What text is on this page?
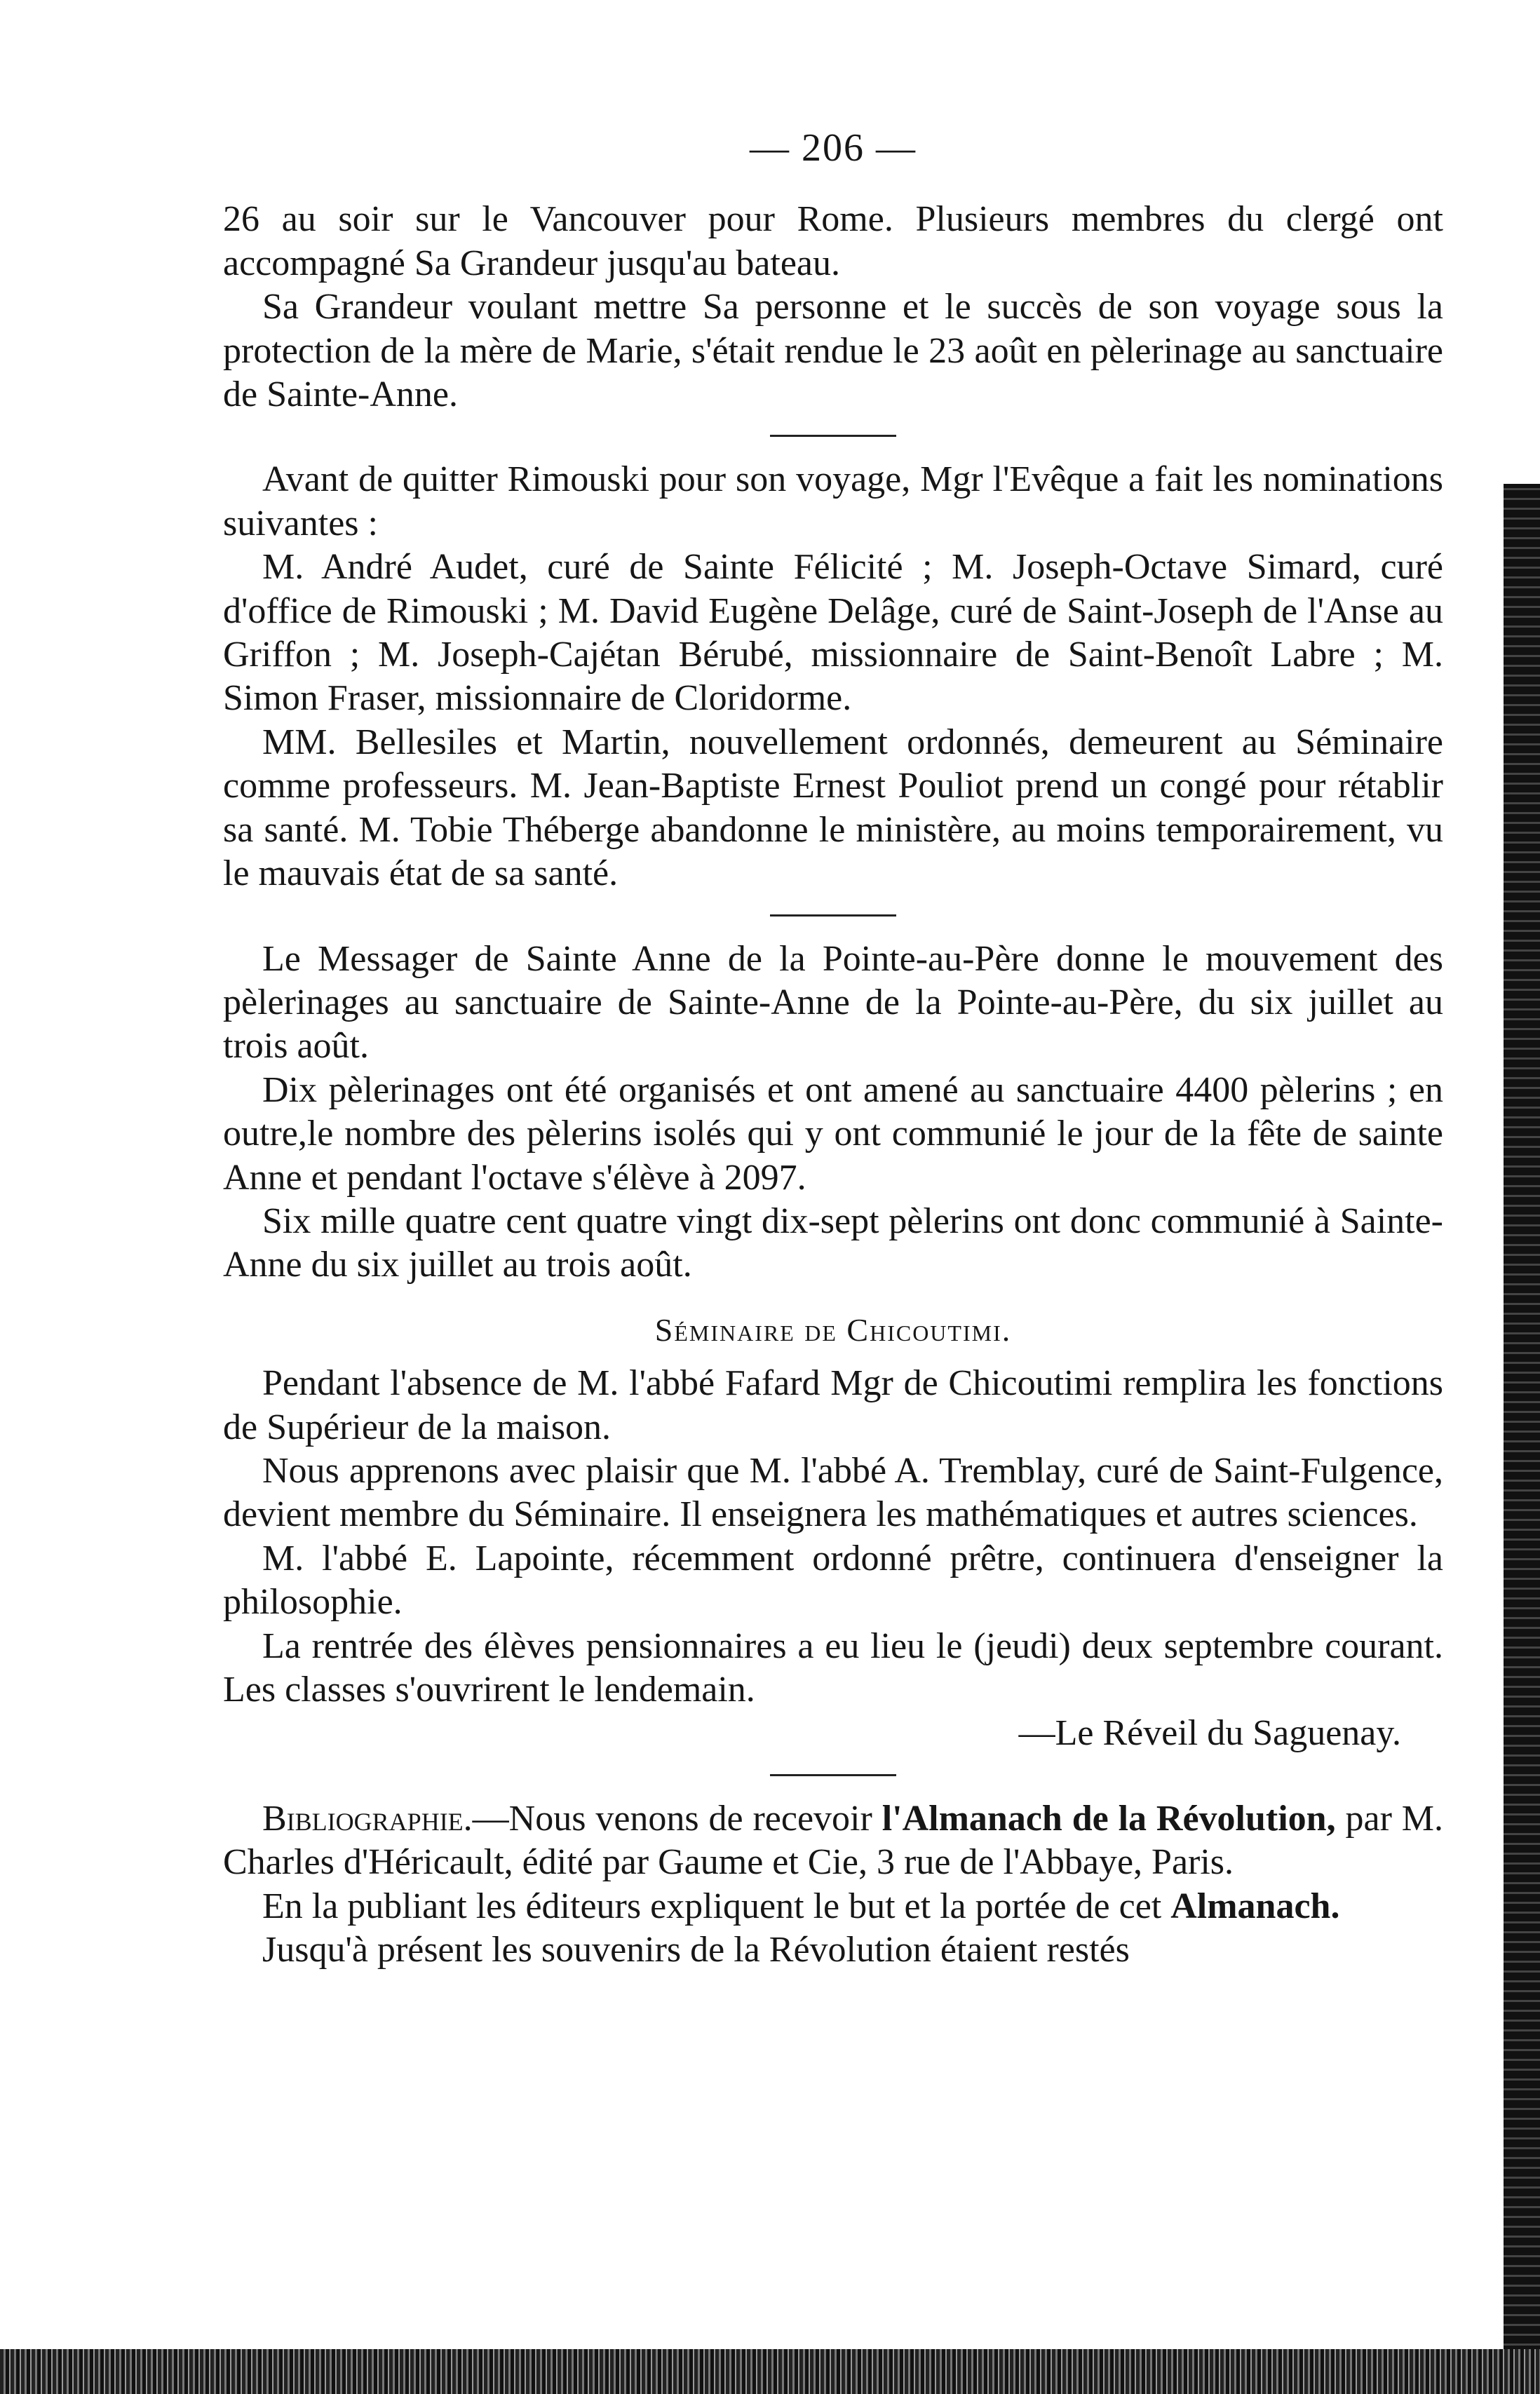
— 206 —

26 au soir sur le Vancouver pour Rome. Plusieurs membres du clergé ont accompagné Sa Grandeur jusqu'au bateau.

Sa Grandeur voulant mettre Sa personne et le succès de son voyage sous la protection de la mère de Marie, s'était rendue le 23 août en pèlerinage au sanctuaire de Sainte-Anne.

Avant de quitter Rimouski pour son voyage, Mgr l'Evêque a fait les nominations suivantes :

M. André Audet, curé de Sainte Félicité ; M. Joseph-Octave Simard, curé d'office de Rimouski ; M. David Eugène Delâge, curé de Saint-Joseph de l'Anse au Griffon ; M. Joseph-Cajétan Bérubé, missionnaire de Saint-Benoît Labre ; M. Simon Fraser, missionnaire de Cloridorme.

MM. Bellesiles et Martin, nouvellement ordonnés, demeurent au Séminaire comme professeurs. M. Jean-Baptiste Ernest Pouliot prend un congé pour rétablir sa santé. M. Tobie Théberge abandonne le ministère, au moins temporairement, vu le mauvais état de sa santé.

Le Messager de Sainte Anne de la Pointe-au-Père donne le mouvement des pèlerinages au sanctuaire de Sainte-Anne de la Pointe-au-Père, du six juillet au trois août.

Dix pèlerinages ont été organisés et ont amené au sanctuaire 4400 pèlerins ; en outre,le nombre des pèlerins isolés qui y ont communié le jour de la fête de sainte Anne et pendant l'octave s'élève à 2097.

Six mille quatre cent quatre vingt dix-sept pèlerins ont donc communié à Sainte-Anne du six juillet au trois août.

Séminaire de Chicoutimi.

Pendant l'absence de M. l'abbé Fafard Mgr de Chicoutimi remplira les fonctions de Supérieur de la maison.

Nous apprenons avec plaisir que M. l'abbé A. Tremblay, curé de Saint-Fulgence, devient membre du Séminaire. Il enseignera les mathématiques et autres sciences.

M. l'abbé E. Lapointe, récemment ordonné prêtre, continuera d'enseigner la philosophie.

La rentrée des élèves pensionnaires a eu lieu le (jeudi) deux septembre courant. Les classes s'ouvrirent le lendemain.

—Le Réveil du Saguenay.

Bibliographie.—Nous venons de recevoir l'Almanach de la Révolution, par M. Charles d'Héricault, édité par Gaume et Cie, 3 rue de l'Abbaye, Paris.

En la publiant les éditeurs expliquent le but et la portée de cet Almanach.

Jusqu'à présent les souvenirs de la Révolution étaient restés
